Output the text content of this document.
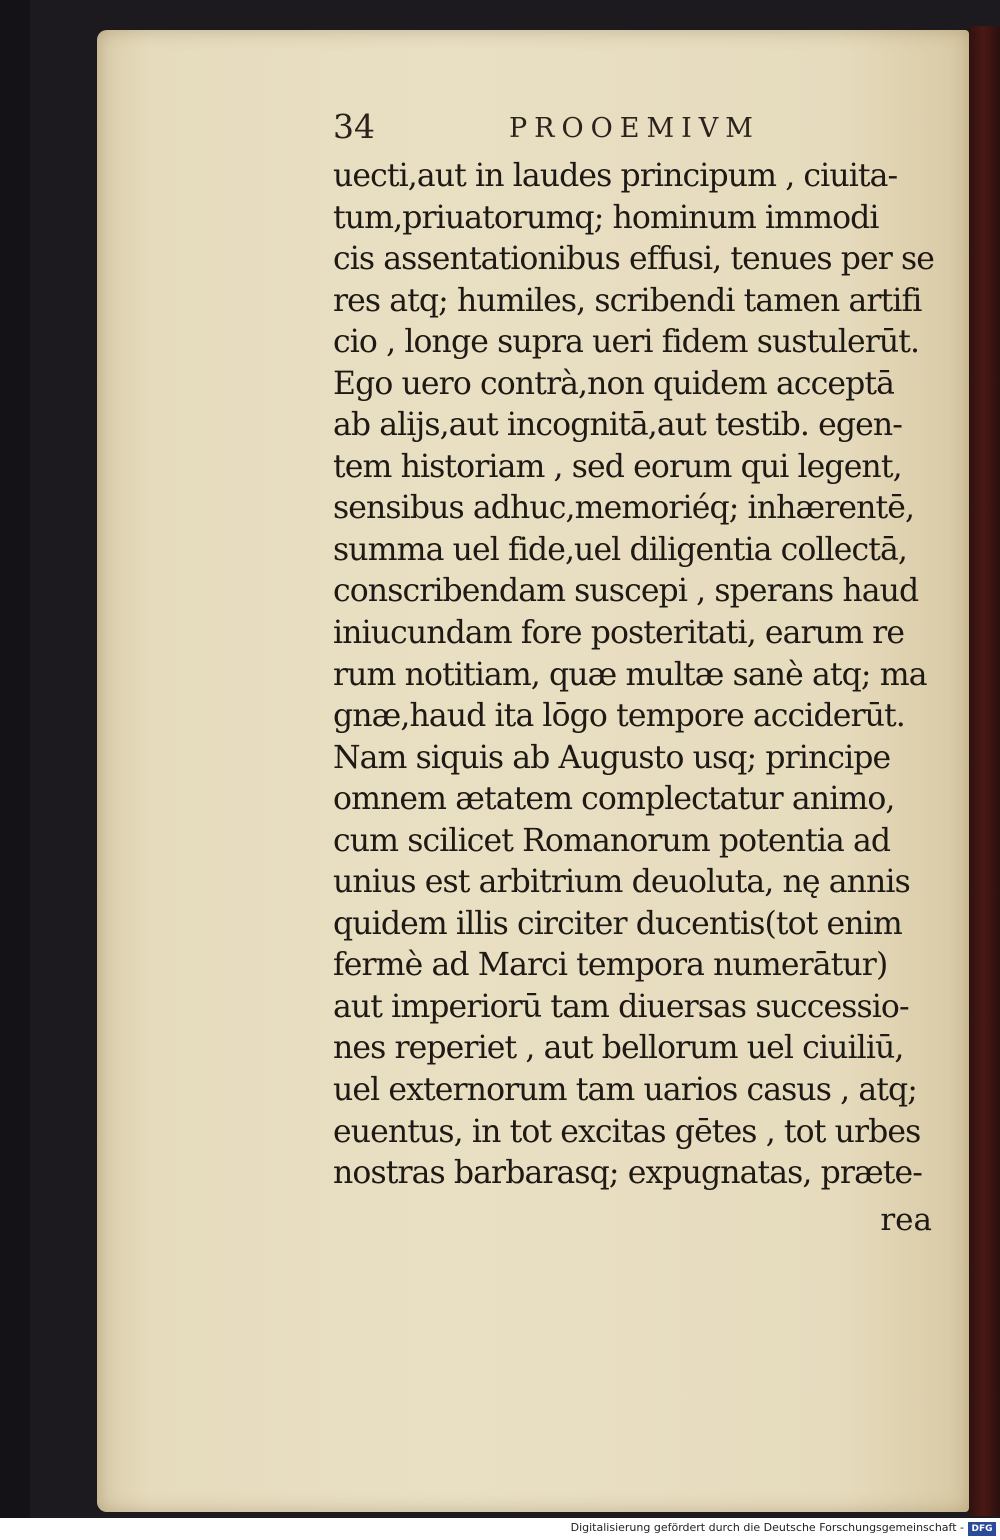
34	PROOEMIVM
uecti,aut in laudes principum , ciuita-
tum,priuatorumq; hominum immodi
cis assentationibus effusi, tenues per se
res atq; humiles, scribendi tamen artifi
cio , longe supra ueri fidem sustulerūt.
Ego uero contrà,non quidem acceptā
ab alijs,aut incognitā,aut testib. egen-
tem historiam , sed eorum qui legent,
sensibus adhuc,memoriéq; inhærentē,
summa uel fide,uel diligentia collectā,
conscribendam suscepi , sperans haud
iniucundam fore posteritati, earum re
rum notitiam, quæ multæ sanè atq; ma
gnæ,haud ita lōgo tempore acciderūt.
Nam siquis ab Augusto usq; principe
omnem ætatem complectatur animo,
cum scilicet Romanorum potentia ad
unius est arbitrium deuoluta, nę annis
quidem illis circiter ducentis(tot enim
fermè ad Marci tempora numerātur)
aut imperiorū tam diuersas successio-
nes reperiet , aut bellorum uel ciuiliū,
uel externorum tam uarios casus , atq;
euentus, in tot excitas gētes , tot urbes
nostras barbarasq; expugnatas, præte-
rea
Digitalisierung gefördert durch die Deutsche Forschungsgemeinschaft - DFG
